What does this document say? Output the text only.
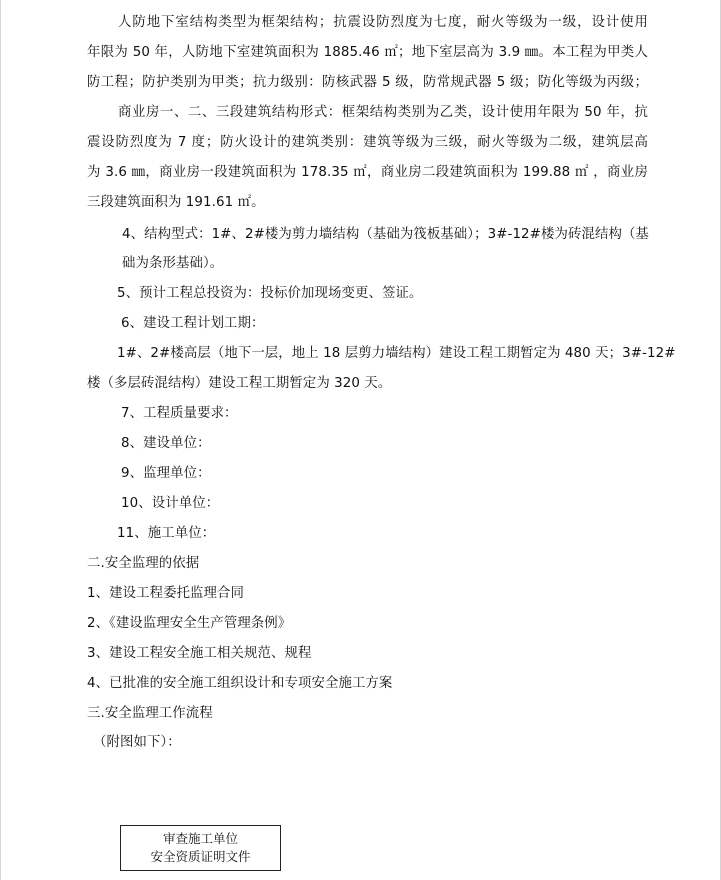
人防地下室结构类型为框架结构；抗震设防烈度为七度，耐火等级为一级，设计使用
年限为 50 年，人防地下室建筑面积为 1885.46 ㎡；地下室层高为 3.9 ㎜。本工程为甲类人
防工程；防护类别为甲类；抗力级别：防核武器 5 级，防常规武器 5 级；防化等级为丙级；
商业房一、二、三段建筑结构形式：框架结构类别为乙类，设计使用年限为 50 年，抗
震设防烈度为 7 度；防火设计的建筑类别：建筑等级为三级，耐火等级为二级，建筑层高
为 3.6 ㎜，商业房一段建筑面积为 178.35 ㎡，商业房二段建筑面积为 199.88 ㎡ ，商业房
三段建筑面积为 191.61 ㎡。
4、结构型式：1#、2#楼为剪力墙结构（基础为筏板基础）；3#-12#楼为砖混结构（基
础为条形基础）。
5、预计工程总投资为：投标价加现场变更、签证。
6、建设工程计划工期：
1#、2#楼高层（地下一层，地上 18 层剪力墙结构）建设工程工期暂定为 480 天；3#-12#
楼（多层砖混结构）建设工程工期暂定为 320 天。
7、工程质量要求：
8、建设单位：
9、监理单位：
10、设计单位：
11、施工单位：
二.安全监理的依据
1、建设工程委托监理合同
2、《建设监理安全生产管理条例》
3、建设工程安全施工相关规范、规程
4、已批准的安全施工组织设计和专项安全施工方案
三.安全监理工作流程
（附图如下）：
审查施工单位
安全资质证明文件
